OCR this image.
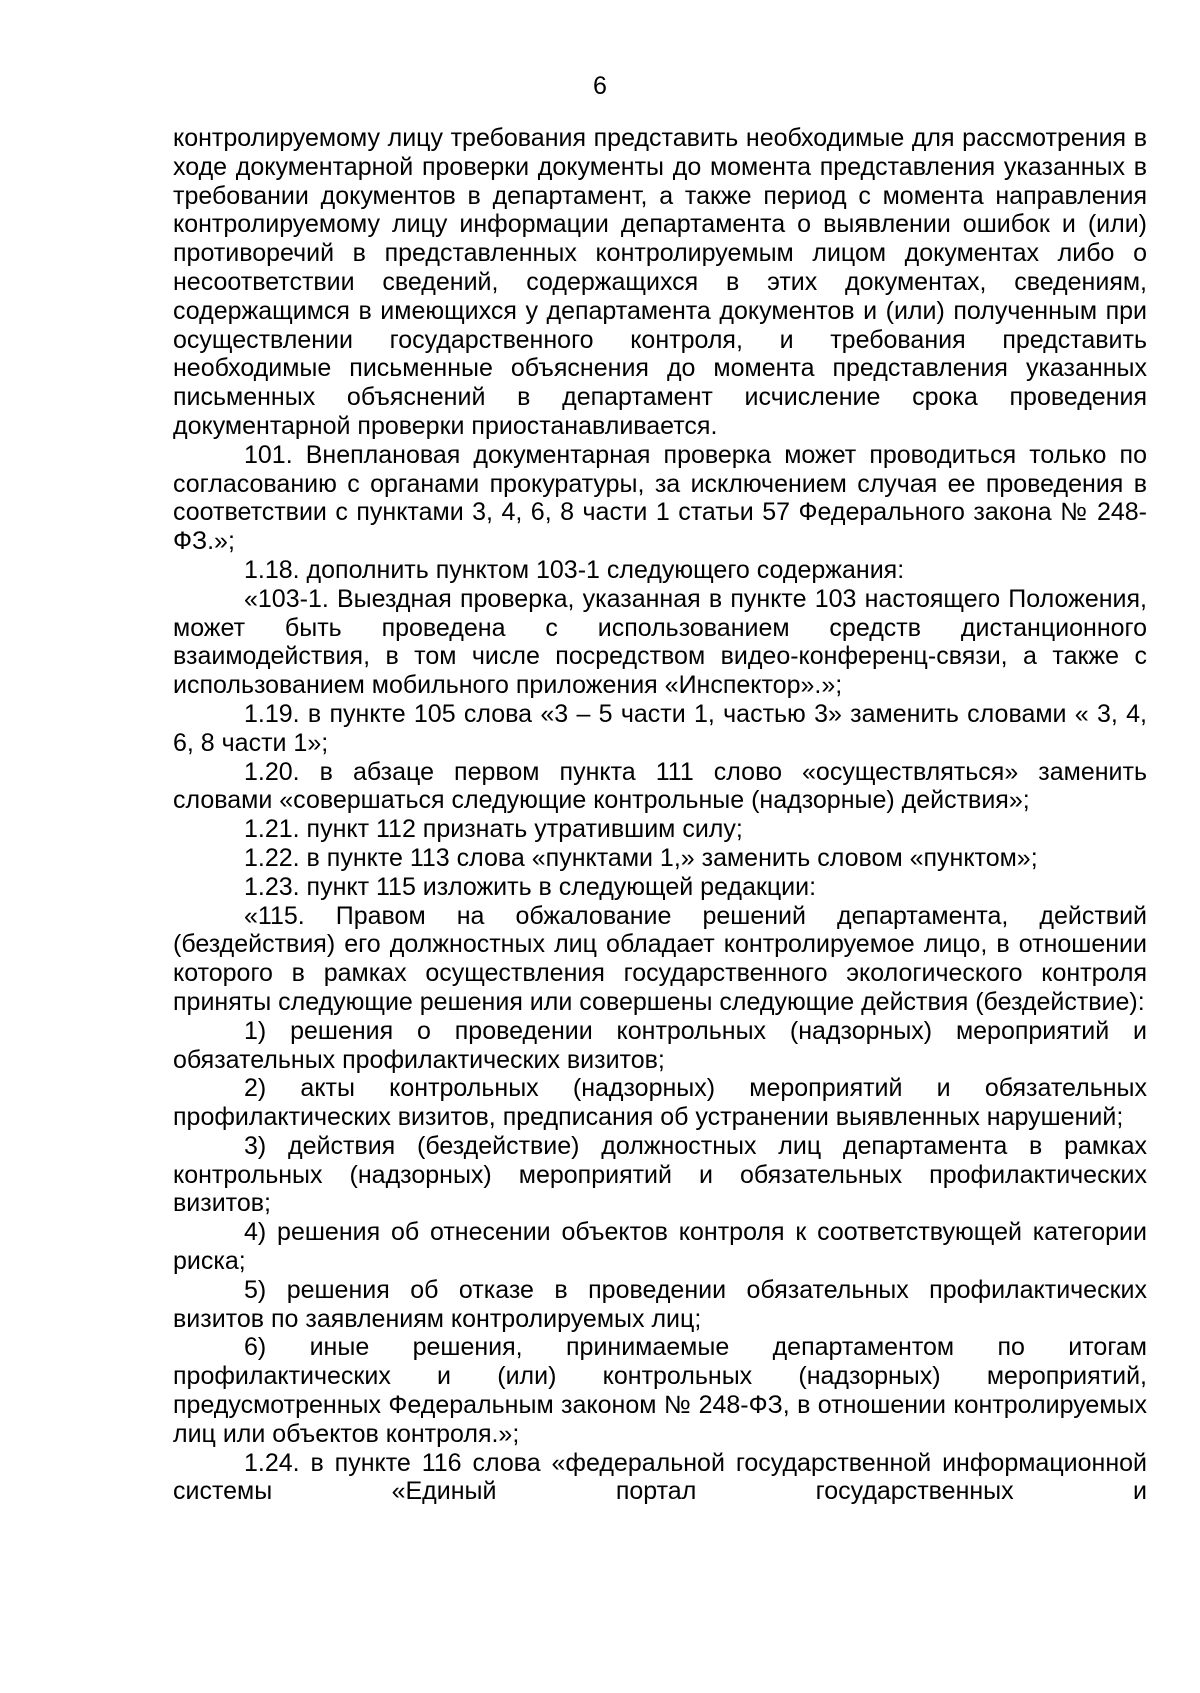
6

контролируемому лицу требования представить необходимые для рассмотрения в ходе документарной проверки документы до момента представления указанных в требовании документов в департамент, а также период с момента направления контролируемому лицу информации департамента о выявлении ошибок и (или) противоречий в представленных контролируемым лицом документах либо о несоответствии сведений, содержащихся в этих документах, сведениям, содержащимся в имеющихся у департамента документов и (или) полученным при осуществлении государственного контроля, и требования представить необходимые письменные объяснения до момента представления указанных письменных объяснений в департамент исчисление срока проведения документарной проверки приостанавливается.

101. Внеплановая документарная проверка может проводиться только по согласованию с органами прокуратуры, за исключением случая ее проведения в соответствии с пунктами 3, 4, 6, 8 части 1 статьи 57 Федерального закона № 248-ФЗ.»;

1.18. дополнить пунктом 103-1 следующего содержания:

«103-1. Выездная проверка, указанная в пункте 103 настоящего Положения, может быть проведена с использованием средств дистанционного взаимодействия, в том числе посредством видео-конференц-связи, а также с использованием мобильного приложения «Инспектор».»;

1.19. в пункте 105 слова «3 – 5 части 1, частью 3» заменить словами « 3, 4, 6, 8 части 1»;

1.20. в абзаце первом пункта 111 слово «осуществляться» заменить словами «совершаться следующие контрольные (надзорные) действия»;

1.21. пункт 112 признать утратившим силу;

1.22. в пункте 113 слова «пунктами 1,» заменить словом «пунктом»;

1.23. пункт 115 изложить в следующей редакции:

«115. Правом на обжалование решений департамента, действий (бездействия) его должностных лиц обладает контролируемое лицо, в отношении которого в рамках осуществления государственного экологического контроля приняты следующие решения или совершены следующие действия (бездействие):

1) решения о проведении контрольных (надзорных) мероприятий и обязательных профилактических визитов;

2) акты контрольных (надзорных) мероприятий и обязательных профилактических визитов, предписания об устранении выявленных нарушений;

3) действия (бездействие) должностных лиц департамента в рамках контрольных (надзорных) мероприятий и обязательных профилактических визитов;

4) решения об отнесении объектов контроля к соответствующей категории риска;

5) решения об отказе в проведении обязательных профилактических визитов по заявлениям контролируемых лиц;

6) иные решения, принимаемые департаментом по итогам профилактических и (или) контрольных (надзорных) мероприятий, предусмотренных Федеральным законом № 248-ФЗ, в отношении контролируемых лиц или объектов контроля.»;

1.24. в пункте 116 слова «федеральной государственной информационной системы «Единый портал государственных и
